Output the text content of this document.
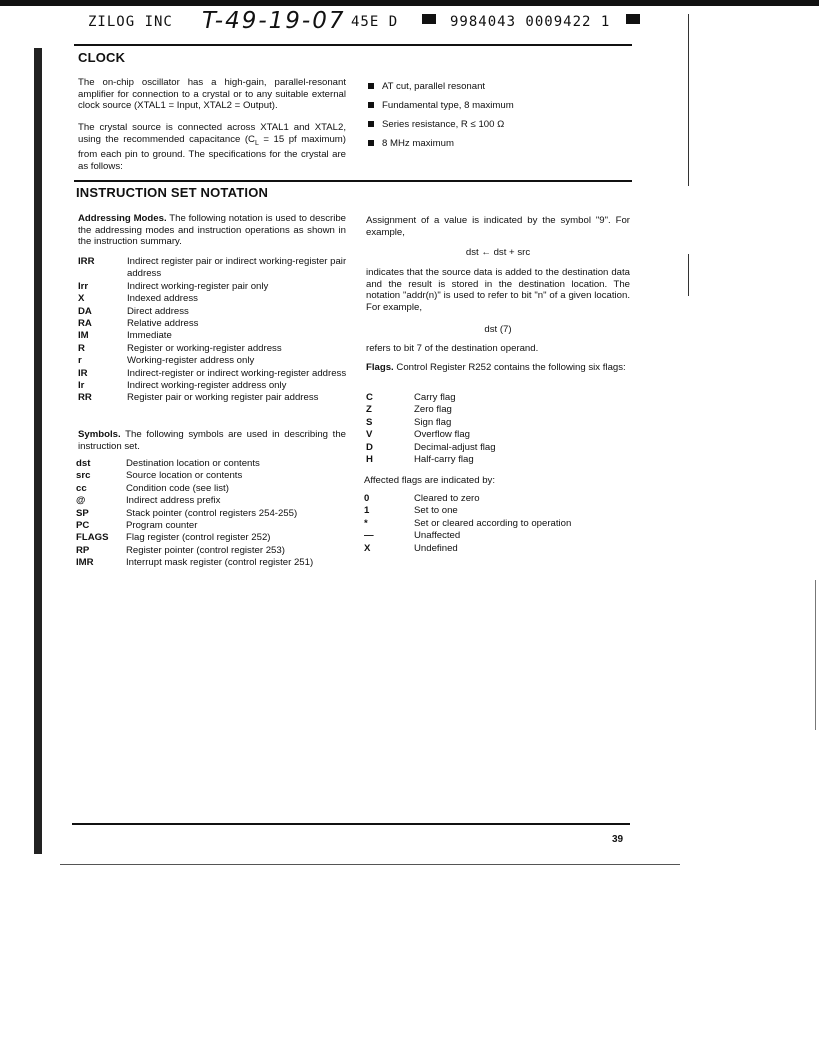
ZILOG INC T-49-19-07 45E D	9984043 0009422 1
CLOCK
The on-chip oscillator has a high-gain, parallel-resonant amplifier for connection to a crystal or to any suitable external clock source (XTAL1 = Input, XTAL2 = Output).
The crystal source is connected across XTAL1 and XTAL2, using the recommended capacitance ($C_L = 15$ pf maximum) from each pin to ground. The specifications for the crystal are as follows:
AT cut, parallel resonant
Fundamental type, 8 maximum
Series resistance, R ≤ 100 Ω
8 MHz maximum
INSTRUCTION SET NOTATION
Addressing Modes. The following notation is used to describe the addressing modes and instruction operations as shown in the instruction summary.
IRR	Indirect register pair or indirect working-register pair address
Irr	Indirect working-register pair only
X	Indexed address
DA	Direct address
RA	Relative address
IM	Immediate
R	Register or working-register address
r	Working-register address only
IR	Indirect-register or indirect working-register address
Ir	Indirect working-register address only
RR	Register pair or working register pair address
Symbols. The following symbols are used in describing the instruction set.
dst	Destination location or contents
src	Source location or contents
cc	Condition code (see list)
@	Indirect address prefix
SP	Stack pointer (control registers 254-255)
PC	Program counter
FLAGS	Flag register (control register 252)
RP	Register pointer (control register 253)
IMR	Interrupt mask register (control register 251)
Assignment of a value is indicated by the symbol "9". For example,
dst ← dst + src
indicates that the source data is added to the destination data and the result is stored in the destination location. The notation "addr(n)" is used to refer to bit "n" of a given location. For example,
dst (7)
refers to bit 7 of the destination operand.
Flags. Control Register R252 contains the following six flags:
C	Carry flag
Z	Zero flag
S	Sign flag
V	Overflow flag
D	Decimal-adjust flag
H	Half-carry flag
Affected flags are indicated by:
0	Cleared to zero
1	Set to one
*	Set or cleared according to operation
—	Unaffected
X	Undefined
39
